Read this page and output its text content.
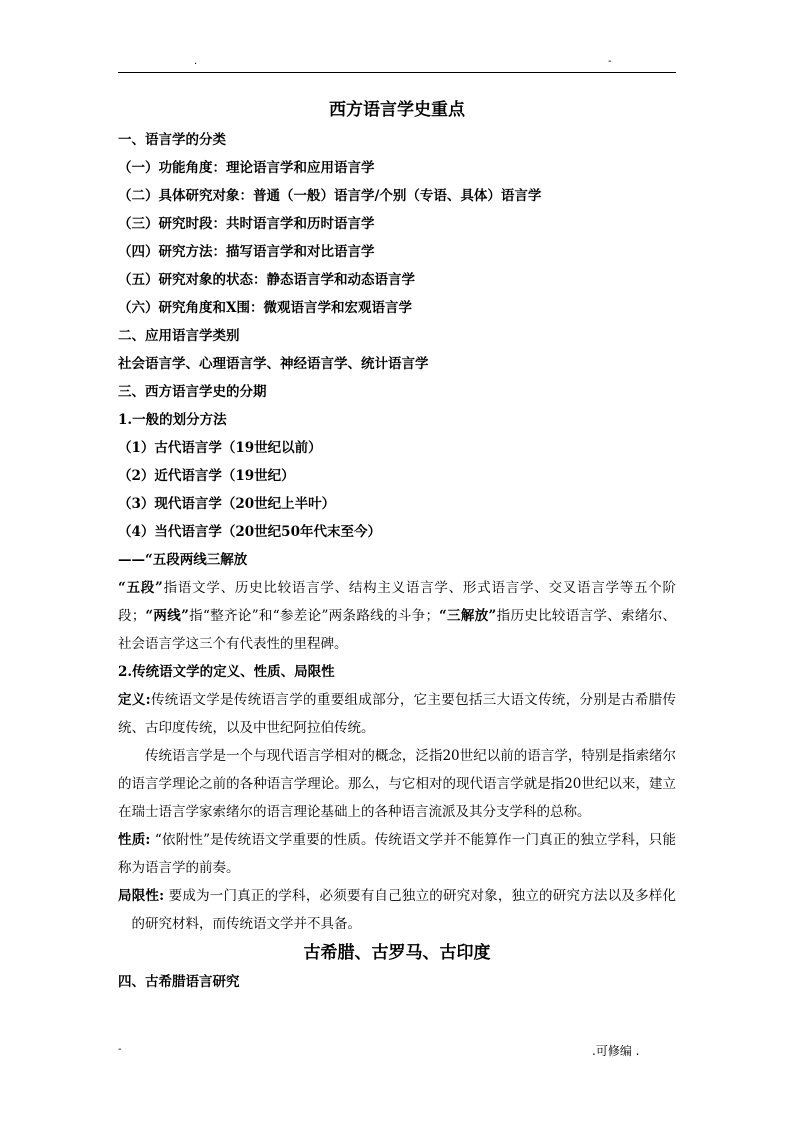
.	-
西方语言学史重点
一、语言学的分类
（一）功能角度：理论语言学和应用语言学
（二）具体研究对象：普通（一般）语言学/个别（专语、具体）语言学
（三）研究时段：共时语言学和历时语言学
（四）研究方法：描写语言学和对比语言学
（五）研究对象的状态：静态语言学和动态语言学
（六）研究角度和X围：微观语言学和宏观语言学
二、应用语言学类别
社会语言学、心理语言学、神经语言学、统计语言学
三、西方语言学史的分期
1.一般的划分方法
（1）古代语言学（19世纪以前）
（2）近代语言学（19世纪）
（3）现代语言学（20世纪上半叶）
（4）当代语言学（20世纪50年代末至今）
——“五段两线三解放
“五段”指语文学、历史比较语言学、结构主义语言学、形式语言学、交叉语言学等五个阶段；“两线”指“整齐论”和“参差论”两条路线的斗争；“三解放”指历史比较语言学、索绪尔、社会语言学这三个有代表性的里程碑。
2.传统语文学的定义、性质、局限性
定义:传统语文学是传统语言学的重要组成部分，它主要包括三大语文传统，分别是古希腊传统、古印度传统，以及中世纪阿拉伯传统。
传统语言学是一个与现代语言学相对的概念，泛指20世纪以前的语言学，特别是指索绪尔的语言学理论之前的各种语言学理论。那么，与它相对的现代语言学就是指20世纪以来，建立在瑞士语言学家索绪尔的语言理论基础上的各种语言流派及其分支学科的总称。
性质: “依附性”是传统语文学重要的性质。传统语文学并不能算作一门真正的独立学科，只能称为语言学的前奏。
局限性: 要成为一门真正的学科，必须要有自己独立的研究对象，独立的研究方法以及多样化的研究材料，而传统语文学并不具备。
古希腊、古罗马、古印度
四、古希腊语言研究
-	.可修编 .
